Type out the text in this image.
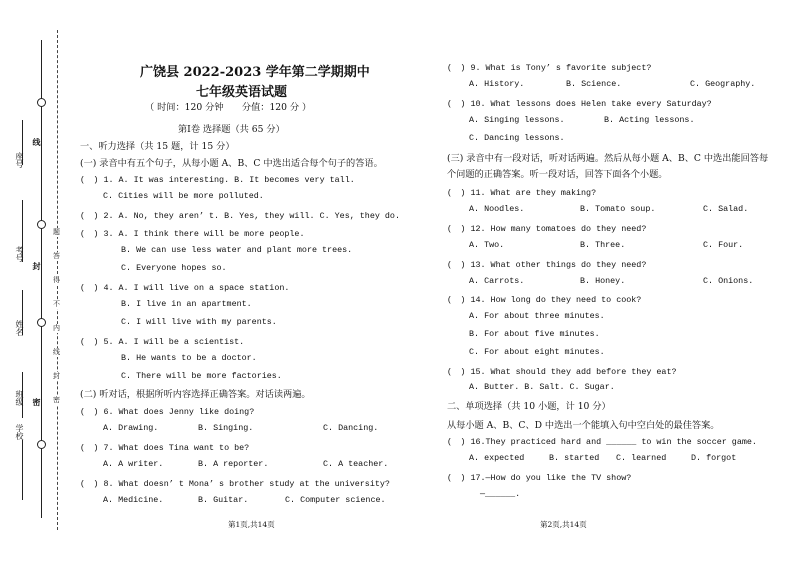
线
封
密
座号
考号
姓名
班级
学校
题
答
得
不
内
线
封
密
广饶县 2022-2023 学年第二学期期中
七年级英语试题
（ 时间：120 分钟　　分值：120 分 ）
第Ⅰ卷 选择题（共 65 分）
一、听力选择（共 15 题，计 15 分）
(一) 录音中有五个句子，从每小题 A、B、C 中选出适合每个句子的答语。
(　) 1. A. It was interesting. B. It becomes very tall.
C. Cities will be more polluted.
(　) 2. A. No, they aren’ t. B. Yes, they will. C. Yes, they do.
(　) 3. A. I think there will be more people.
B. We can use less water and plant more trees.
C. Everyone hopes so.
(　) 4. A. I will live on a space station.
B. I live in an apartment.
C. I will live with my parents.
(　) 5. A. I will be a scientist.
B. He wants to be a doctor.
C. There will be more factories.
(二) 听对话，根据所听内容选择正确答案。对话读两遍。
(　) 6. What does Jenny like doing?
A. Drawing.	B. Singing.	C. Dancing.
(　) 7. What does Tina want to be?
A. A writer.	B. A reporter.	C. A teacher.
(　) 8. What doesn’ t Mona’ s brother study at the university?
A. Medicine.	B. Guitar.	C. Computer science.
第1页,共14页
(　) 9. What is Tony’ s favorite subject?
A. History.	B. Science.	C. Geography.
(　) 10. What lessons does Helen take every Saturday?
A. Singing lessons.	B. Acting lessons.
C. Dancing lessons.
(三) 录音中有一段对话，听对话两遍。然后从每小题 A、B、C 中选出能回答每
个问题的正确答案。听一段对话，回答下面各个小题。
(　) 11. What are they making?
A. Noodles.	B. Tomato soup.	C. Salad.
(　) 12. How many tomatoes do they need?
A. Two.	B. Three.	C. Four.
(　) 13. What other things do they need?
A. Carrots.	B. Honey.	C. Onions.
(　) 14. How long do they need to cook?
A. For about three minutes.
B. For about five minutes.
C. For about eight minutes.
(　) 15. What should they add before they eat?
A. Butter. B. Salt. C. Sugar.
二、单项选择（共 10 小题，计 10 分）
从每小题 A、B、C、D 中选出一个能填入句中空白处的最佳答案。
(　) 16.They practiced hard and ______ to win the soccer game.
A. expected	B. started C. learned	D. forgot
(　) 17.—How do you like the TV show?
—______.
第2页,共14页
